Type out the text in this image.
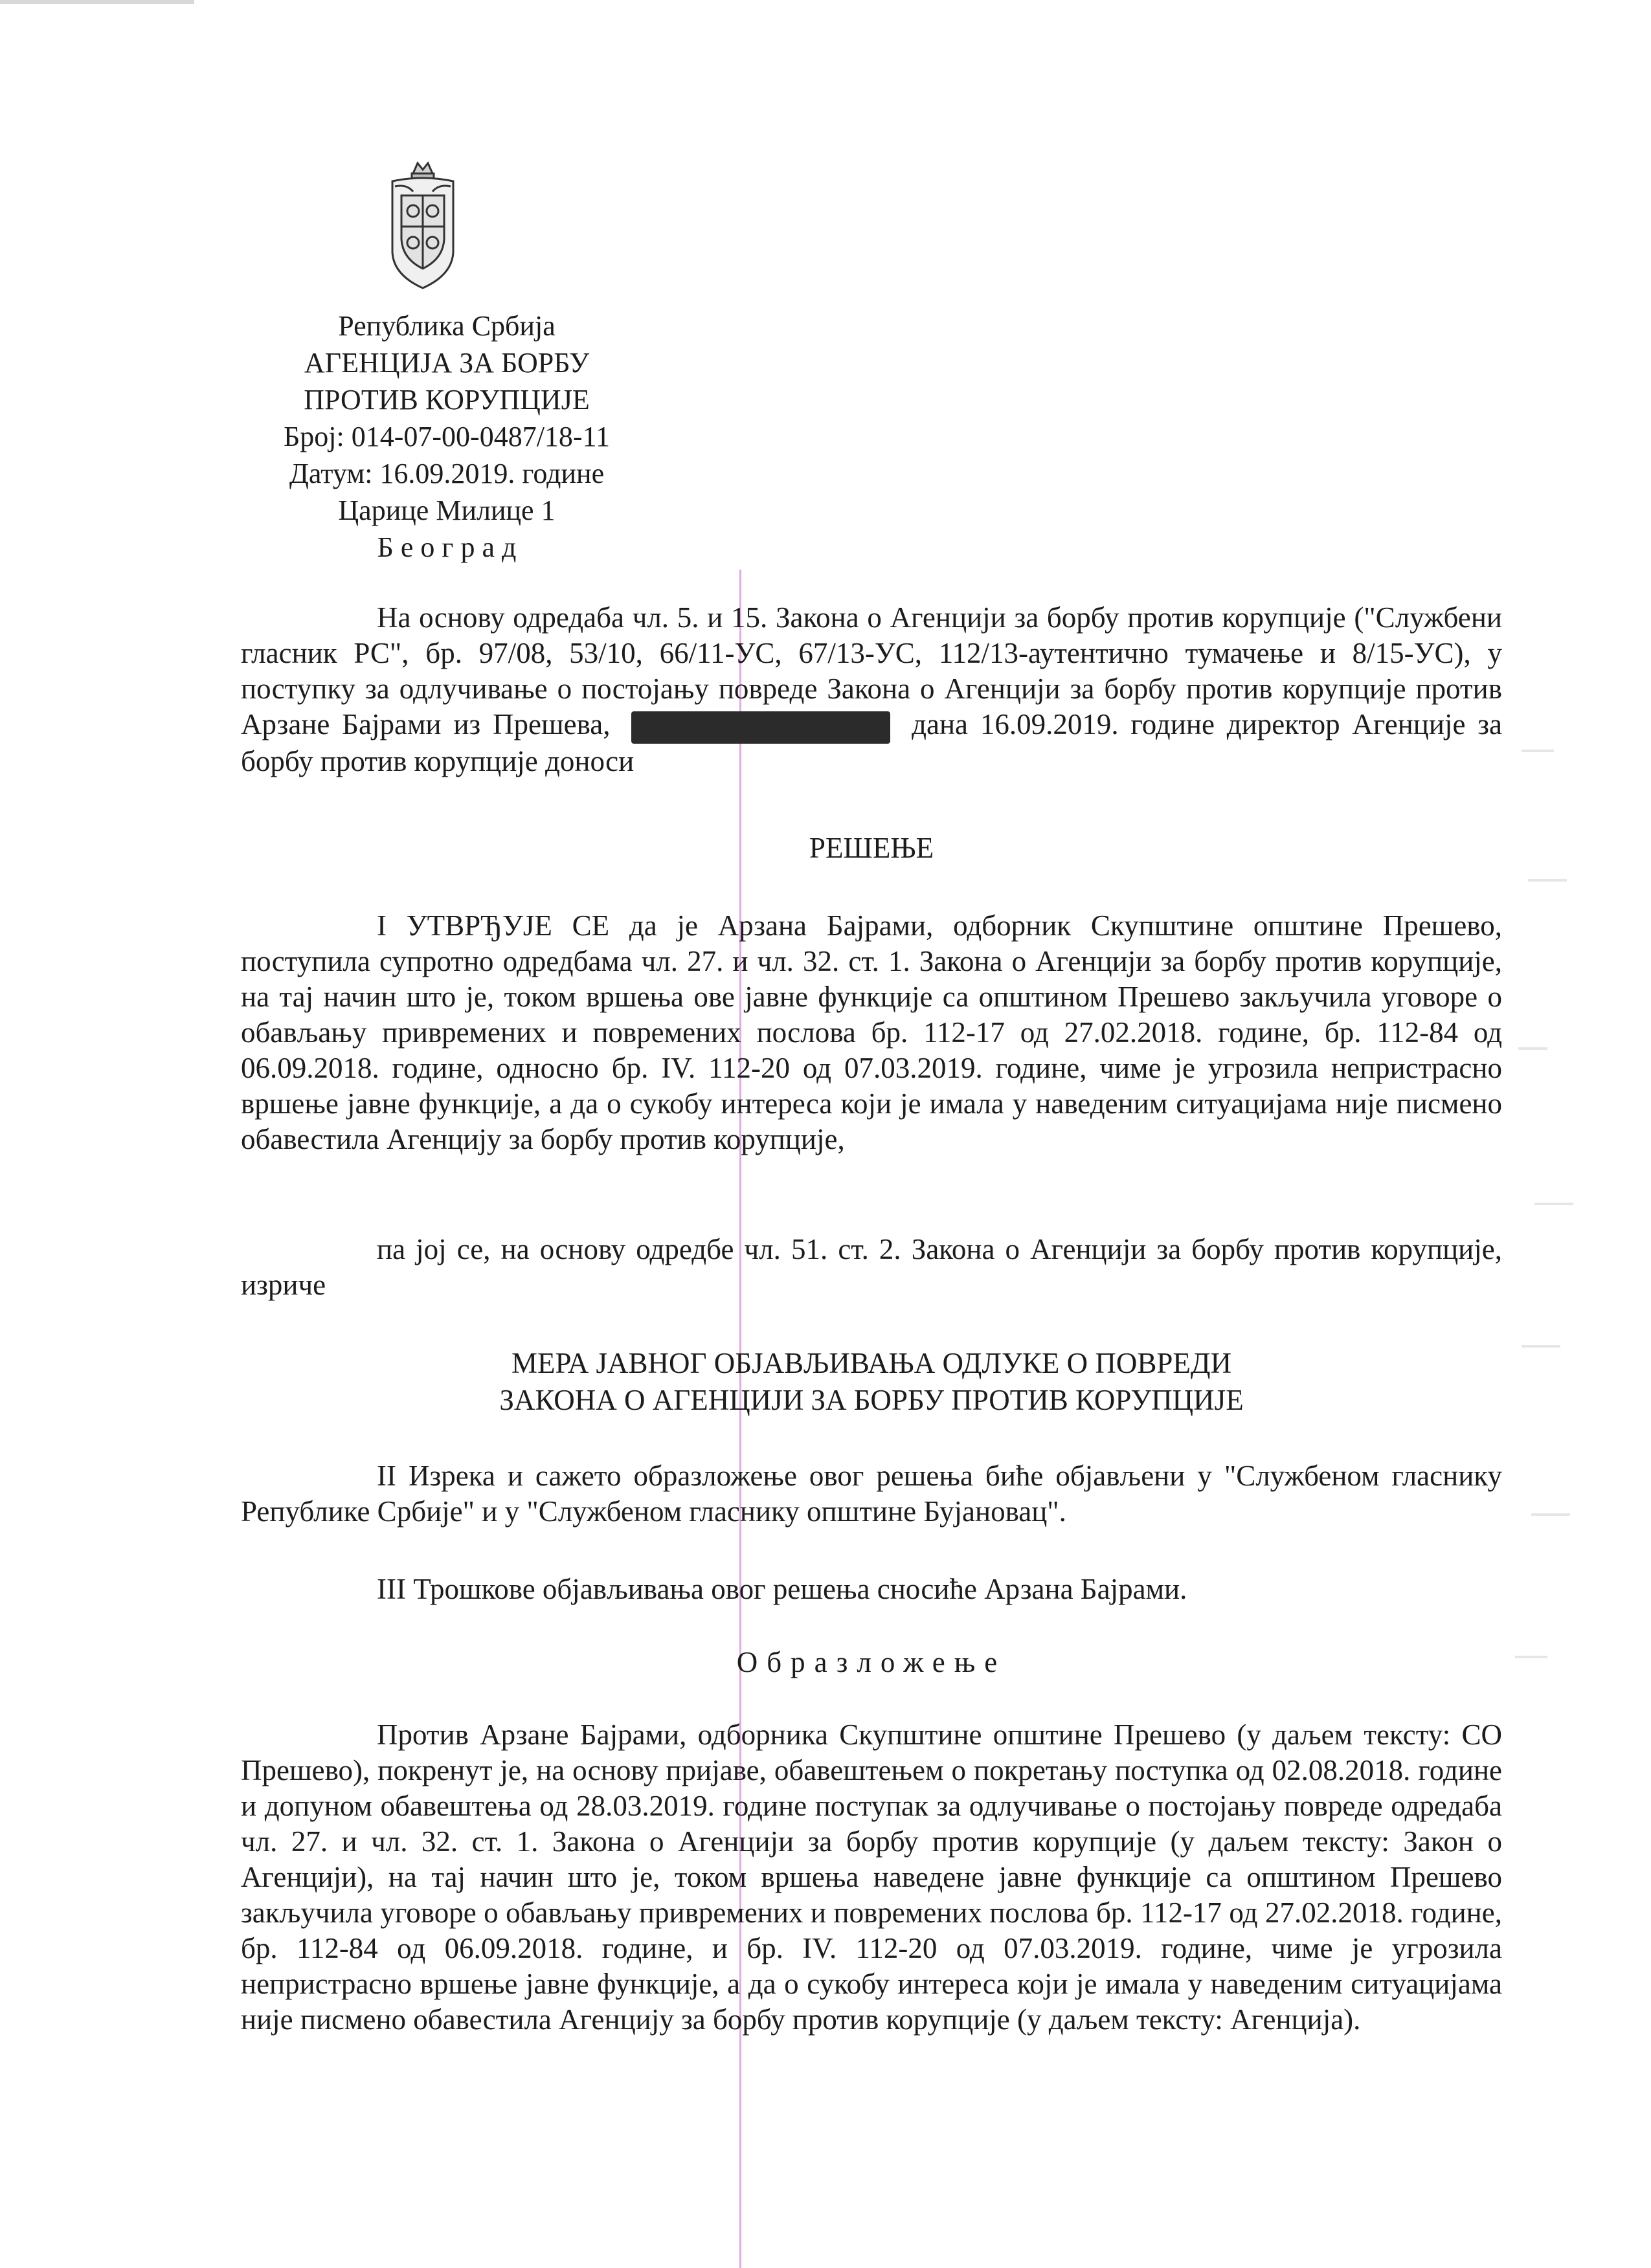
Република Србија
АГЕНЦИЈА ЗА БОРБУ
ПРОТИВ КОРУПЦИЈЕ
Број: 014-07-00-0487/18-11
Датум: 16.09.2019. године
Царице Милице 1
Б е о г р а д

На основу одредаба чл. 5. и 15. Закона о Агенцији за борбу против корупције ("Службени гласник РС", бр. 97/08, 53/10, 66/11-УС, 67/13-УС, 112/13-аутентично тумачење и 8/15-УС), у поступку за одлучивање о постојању повреде Закона о Агенцији за борбу против корупције против Арзане Бајрами из Прешева,	дана 16.09.2019. године директор Агенције за борбу против корупције доноси

РЕШЕЊЕ

I УТВРЂУЈЕ СЕ да је Арзана Бајрами, одборник Скупштине општине Прешево, поступила супротно одредбама чл. 27. и чл. 32. ст. 1. Закона о Агенцији за борбу против корупције, на тај начин што је, током вршења ове јавне функције са општином Прешево закључила уговоре о обављању привремених и повремених послова бр. 112-17 од 27.02.2018. године, бр. 112-84 од 06.09.2018. године, односно бр. IV. 112-20 од 07.03.2019. године, чиме је угрозила непристрасно вршење јавне функције, а да о сукобу интереса који је имала у наведеним ситуацијама није писмено обавестила Агенцију за борбу против корупције,

па јој се, на основу одредбе чл. 51. ст. 2. Закона о Агенцији за борбу против корупције, изриче

МЕРА ЈАВНОГ ОБЈАВЉИВАЊА ОДЛУКЕ О ПОВРЕДИ
ЗАКОНА О АГЕНЦИЈИ ЗА БОРБУ ПРОТИВ КОРУПЦИЈЕ

II Изрека и сажето образложење овог решења биће објављени у "Службеном гласнику Републике Србије" и у "Службеном гласнику општине Бујановац".

III Трошкове објављивања овог решења сносиће Арзана Бајрами.

Образложење

Против Арзане Бајрами, одборника Скупштине општине Прешево (у даљем тексту: СО Прешево), покренут је, на основу пријаве, обавештењем о покретању поступка од 02.08.2018. године и допуном обавештења од 28.03.2019. године поступак за одлучивање о постојању повреде одредаба чл. 27. и чл. 32. ст. 1. Закона о Агенцији за борбу против корупције (у даљем тексту: Закон о Агенцији), на тај начин што је, током вршења наведене јавне функције са општином Прешево закључила уговоре о обављању привремених и повремених послова бр. 112-17 од 27.02.2018. године, бр. 112-84 од 06.09.2018. године, и бр. IV. 112-20 од 07.03.2019. године, чиме је угрозила непристрасно вршење јавне функције, а да о сукобу интереса који је имала у наведеним ситуацијама није писмено обавестила Агенцију за борбу против корупције (у даљем тексту: Агенција).
